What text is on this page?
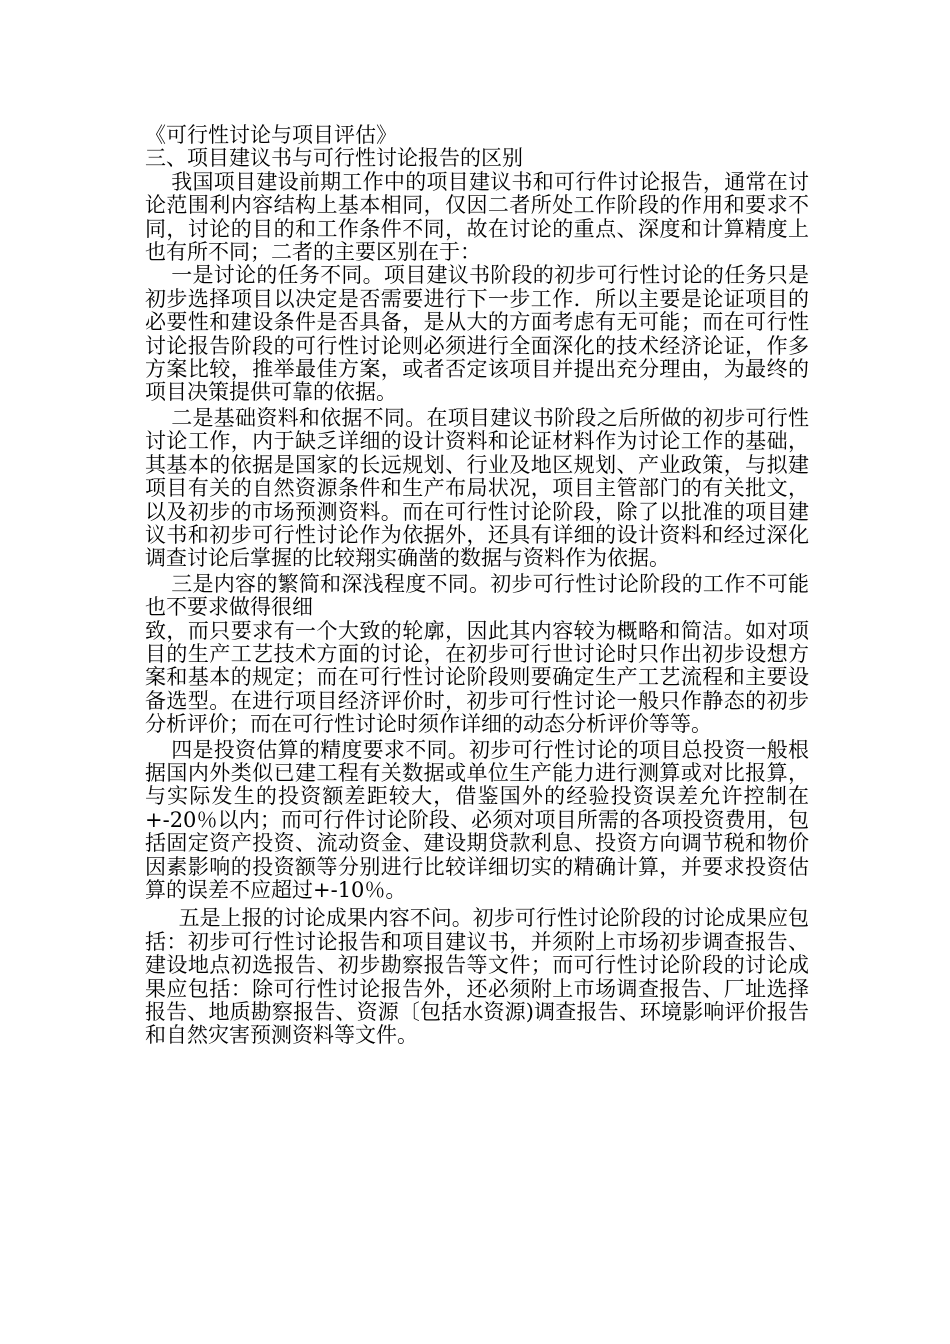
《可行性讨论与项目评估》

三、项目建议书与可行性讨论报告的区别

我国项目建设前期工作中的项目建议书和可行件讨论报告，通常在讨论范围利内容结构上基本相同，仅因二者所处工作阶段的作用和要求不同，讨论的目的和工作条件不同，故在讨论的重点、深度和计算精度上也有所不同；二者的主要区别在于：

一是讨论的任务不同。项目建议书阶段的初步可行性讨论的任务只是初步选择项目以决定是否需要进行下一步工作．所以主要是论证项目的必要性和建设条件是否具备，是从大的方面考虑有无可能；而在可行性讨论报告阶段的可行性讨论则必须进行全面深化的技术经济论证，作多方案比较，推举最佳方案，或者否定该项目并提出充分理由，为最终的项目决策提供可靠的依据。

二是基础资料和依据不同。在项目建议书阶段之后所做的初步可行性讨论工作，内于缺乏详细的设计资料和论证材料作为讨论工作的基础，其基本的依据是国家的长远规划、行业及地区规划、产业政策，与拟建项目有关的自然资源条件和生产布局状况，项目主管部门的有关批文，以及初步的市场预测资料。而在可行性讨论阶段，除了以批准的项目建议书和初步可行性讨论作为依据外，还具有详细的设计资料和经过深化调查讨论后掌握的比较翔实确凿的数据与资料作为依据。

三是内容的繁简和深浅程度不同。初步可行性讨论阶段的工作不可能也不要求做得很细

致，而只要求有一个大致的轮廓，因此其内容较为概略和简洁。如对项目的生产工艺技术方面的讨论，在初步可行世讨论时只作出初步设想方案和基本的规定；而在可行性讨论阶段则要确定生产工艺流程和主要设备选型。在进行项目经济评价时，初步可行性讨论一般只作静态的初步分析评价；而在可行性讨论时须作详细的动态分析评价等等。

四是投资估算的精度要求不同。初步可行性讨论的项目总投资一般根据国内外类似已建工程有关数据或单位生产能力进行测算或对比报算，与实际发生的投资额差距较大，借鉴国外的经验投资误差允许控制在+-20％以内；而可行件讨论阶段、必须对项目所需的各项投资费用，包括固定资产投资、流动资金、建设期贷款利息、投资方向调节税和物价因素影响的投资额等分别进行比较详细切实的精确计算，并要求投资估算的误差不应超过+-10％。

五是上报的讨论成果内容不问。初步可行性讨论阶段的讨论成果应包括：初步可行性讨论报告和项目建议书，并须附上市场初步调查报告、建设地点初选报告、初步勘察报告等文件；而可行性讨论阶段的讨论成果应包括：除可行性讨论报告外，还必须附上市场调查报告、厂址选择报告、地质勘察报告、资源〔包括水资源)调查报告、环境影响评价报告和自然灾害预测资料等文件。
